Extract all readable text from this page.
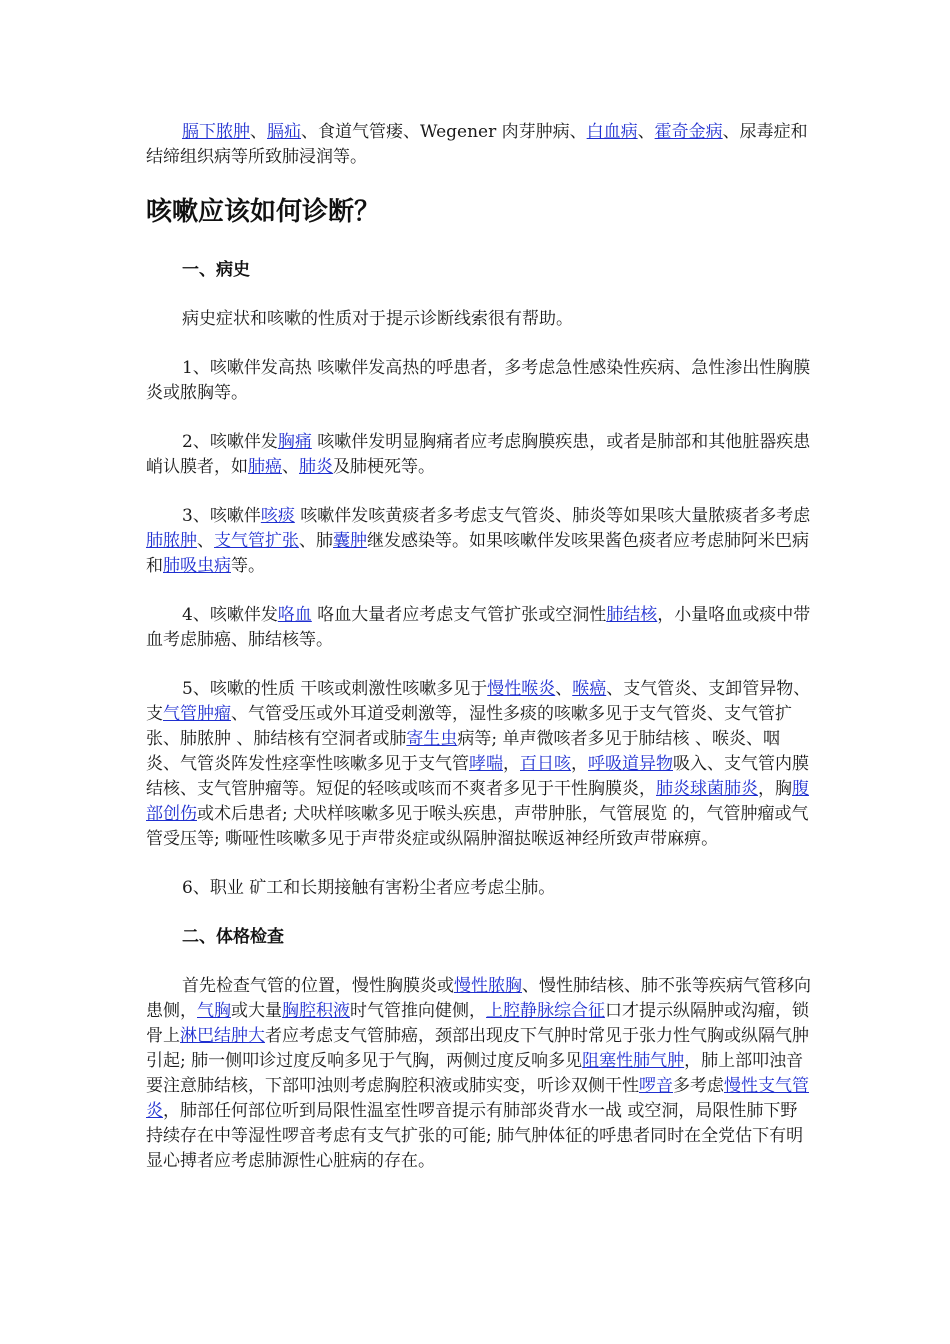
膈下脓肿、膈疝、食道气管瘘、Wegener 肉芽肿病、白血病、霍奇金病、尿毒症和结缔组织病等所致肺浸润等。

咳嗽应该如何诊断？
一、病史

病史症状和咳嗽的性质对于提示诊断线索很有帮助。

1、咳嗽伴发高热 咳嗽伴发高热的呼患者，多考虑急性感染性疾病、急性渗出性胸膜炎或脓胸等。

2、咳嗽伴发胸痛 咳嗽伴发明显胸痛者应考虑胸膜疾患，或者是肺部和其他脏器疾患峭认膜者，如肺癌、肺炎及肺梗死等。

3、咳嗽伴咳痰 咳嗽伴发咳黄痰者多考虑支气管炎、肺炎等如果咳大量脓痰者多考虑肺脓肿、支气管扩张、肺囊肿继发感染等。如果咳嗽伴发咳果酱色痰者应考虑肺阿米巴病和肺吸虫病等。

4、咳嗽伴发咯血 咯血大量者应考虑支气管扩张或空洞性肺结核，小量咯血或痰中带血考虑肺癌、肺结核等。

5、咳嗽的性质 干咳或刺激性咳嗽多见于慢性喉炎、喉癌、支气管炎、支卸管异物、支气管肿瘤、气管受压或外耳道受刺激等，湿性多痰的咳嗽多见于支气管炎、支气管扩张、肺脓肿 、肺结核有空洞者或肺寄生虫病等; 单声微咳者多见于肺结核 、喉炎、咽炎、气管炎阵发性痉挛性咳嗽多见于支气管哮喘，百日咳，呼吸道异物吸入、支气管内膜结核、支气管肿瘤等。短促的轻咳或咳而不爽者多见于干性胸膜炎，肺炎球菌肺炎，胸腹部创伤或术后患者; 犬吠样咳嗽多见于喉头疾患，声带肿胀，气管展览 的，气管肿瘤或气管受压等; 嘶哑性咳嗽多见于声带炎症或纵隔肿溜挞喉返神经所致声带麻痹。

6、职业 矿工和长期接触有害粉尘者应考虑尘肺。

二、体格检查

首先检查气管的位置，慢性胸膜炎或慢性脓胸、慢性肺结核、肺不张等疾病气管移向患侧，气胸或大量胸腔积液时气管推向健侧，上腔静脉综合征口才提示纵隔肿或沟瘤，锁骨上淋巴结肿大者应考虑支气管肺癌，颈部出现皮下气肿时常见于张力性气胸或纵隔气肿引起; 肺一侧叩诊过度反响多见于气胸，两侧过度反响多见阻塞性肺气肿，肺上部叩浊音要注意肺结核，下部叩浊则考虑胸腔积液或肺实变，听诊双侧干性啰音多考虑慢性支气管炎，肺部任何部位听到局限性温室性啰音提示有肺部炎背水一战 或空洞，局限性肺下野持续存在中等湿性啰音考虑有支气扩张的可能; 肺气肿体征的呼患者同时在全党估下有明显心搏者应考虑肺源性心脏病的存在。
